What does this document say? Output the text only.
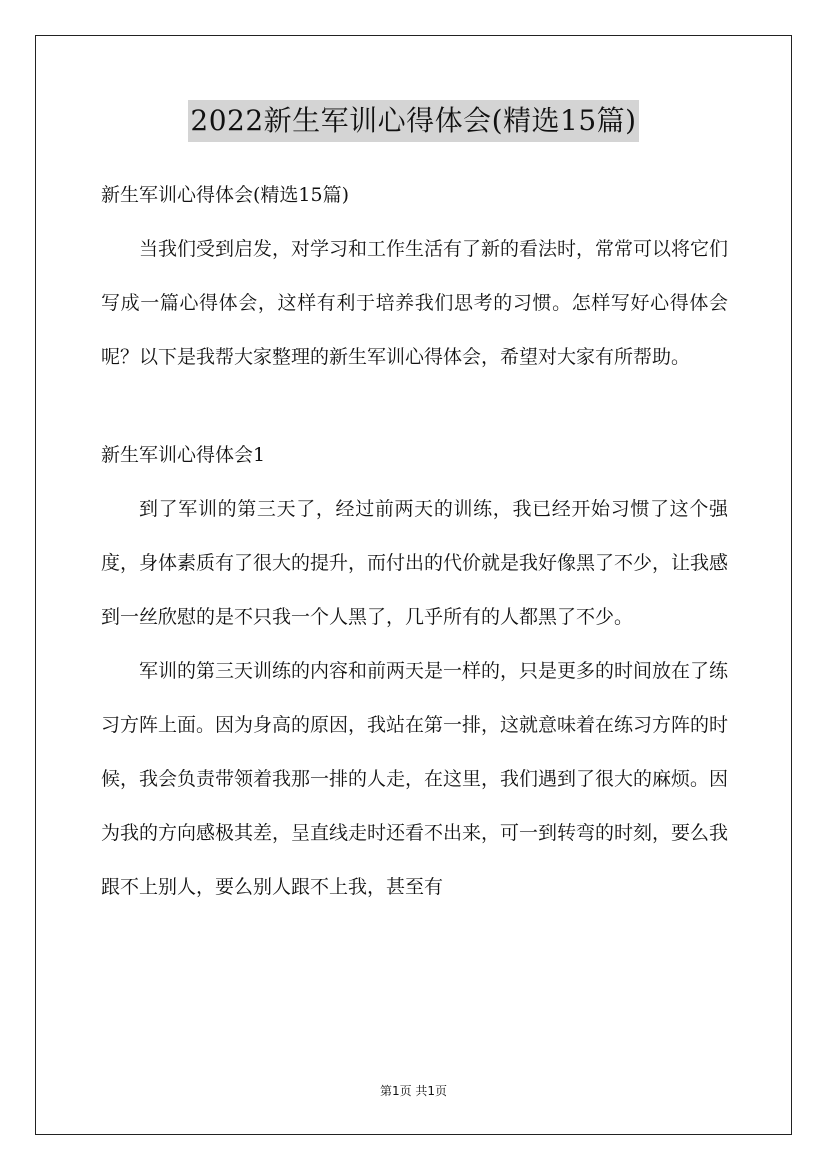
2022新生军训心得体会(精选15篇)

新生军训心得体会(精选15篇)

当我们受到启发，对学习和工作生活有了新的看法时，常常可以将它们写成一篇心得体会，这样有利于培养我们思考的习惯。怎样写好心得体会呢？以下是我帮大家整理的新生军训心得体会，希望对大家有所帮助。

新生军训心得体会1

到了军训的第三天了，经过前两天的训练，我已经开始习惯了这个强度，身体素质有了很大的提升，而付出的代价就是我好像黑了不少，让我感到一丝欣慰的是不只我一个人黑了，几乎所有的人都黑了不少。

军训的第三天训练的内容和前两天是一样的，只是更多的时间放在了练习方阵上面。因为身高的原因，我站在第一排，这就意味着在练习方阵的时候，我会负责带领着我那一排的人走，在这里，我们遇到了很大的麻烦。因为我的方向感极其差，呈直线走时还看不出来，可一到转弯的时刻，要么我跟不上别人，要么别人跟不上我，甚至有

第1页 共1页
